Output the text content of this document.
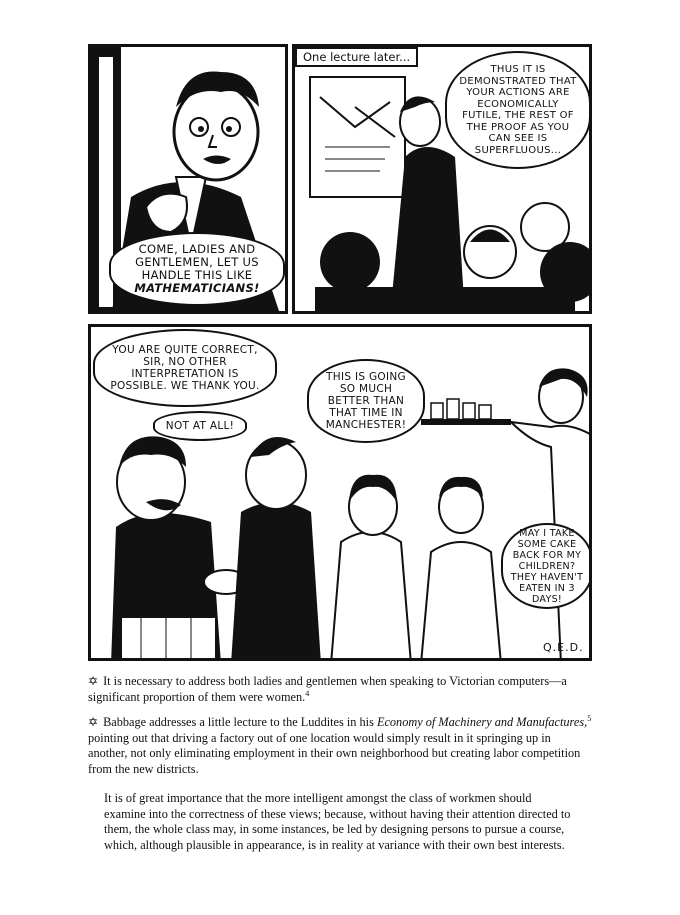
COME, LADIES AND GENTLEMEN, LET US HANDLE THIS LIKE MATHEMATICIANS!
One lecture later...
THUS IT IS DEMONSTRATED THAT YOUR ACTIONS ARE ECONOMICALLY FUTILE, THE REST OF THE PROOF AS YOU CAN SEE IS SUPERFLUOUS...
YOU ARE QUITE CORRECT, SIR, NO OTHER INTERPRETATION IS POSSIBLE. WE THANK YOU.
NOT AT ALL!
THIS IS GOING SO MUCH BETTER THAN THAT TIME IN MANCHESTER!
MAY I TAKE SOME CAKE BACK FOR MY CHILDREN? THEY HAVEN'T EATEN IN 3 DAYS!
Q.E.D.

✡ It is necessary to address both ladies and gentlemen when speaking to Victorian computers—a significant proportion of them were women.$^4$

✡ Babbage addresses a little lecture to the Luddites in his Economy of Machinery and Manufactures,$^5$ pointing out that driving a factory out of one location would simply result in it springing up in another, not only eliminating employment in their own neighborhood but creating labor competition from the new districts.

It is of great importance that the more intelligent amongst the class of workmen should examine into the correctness of these views; because, without having their attention directed to them, the whole class may, in some instances, be led by designing persons to pursue a course, which, although plausible in appearance, is in reality at variance with their own best interests.
